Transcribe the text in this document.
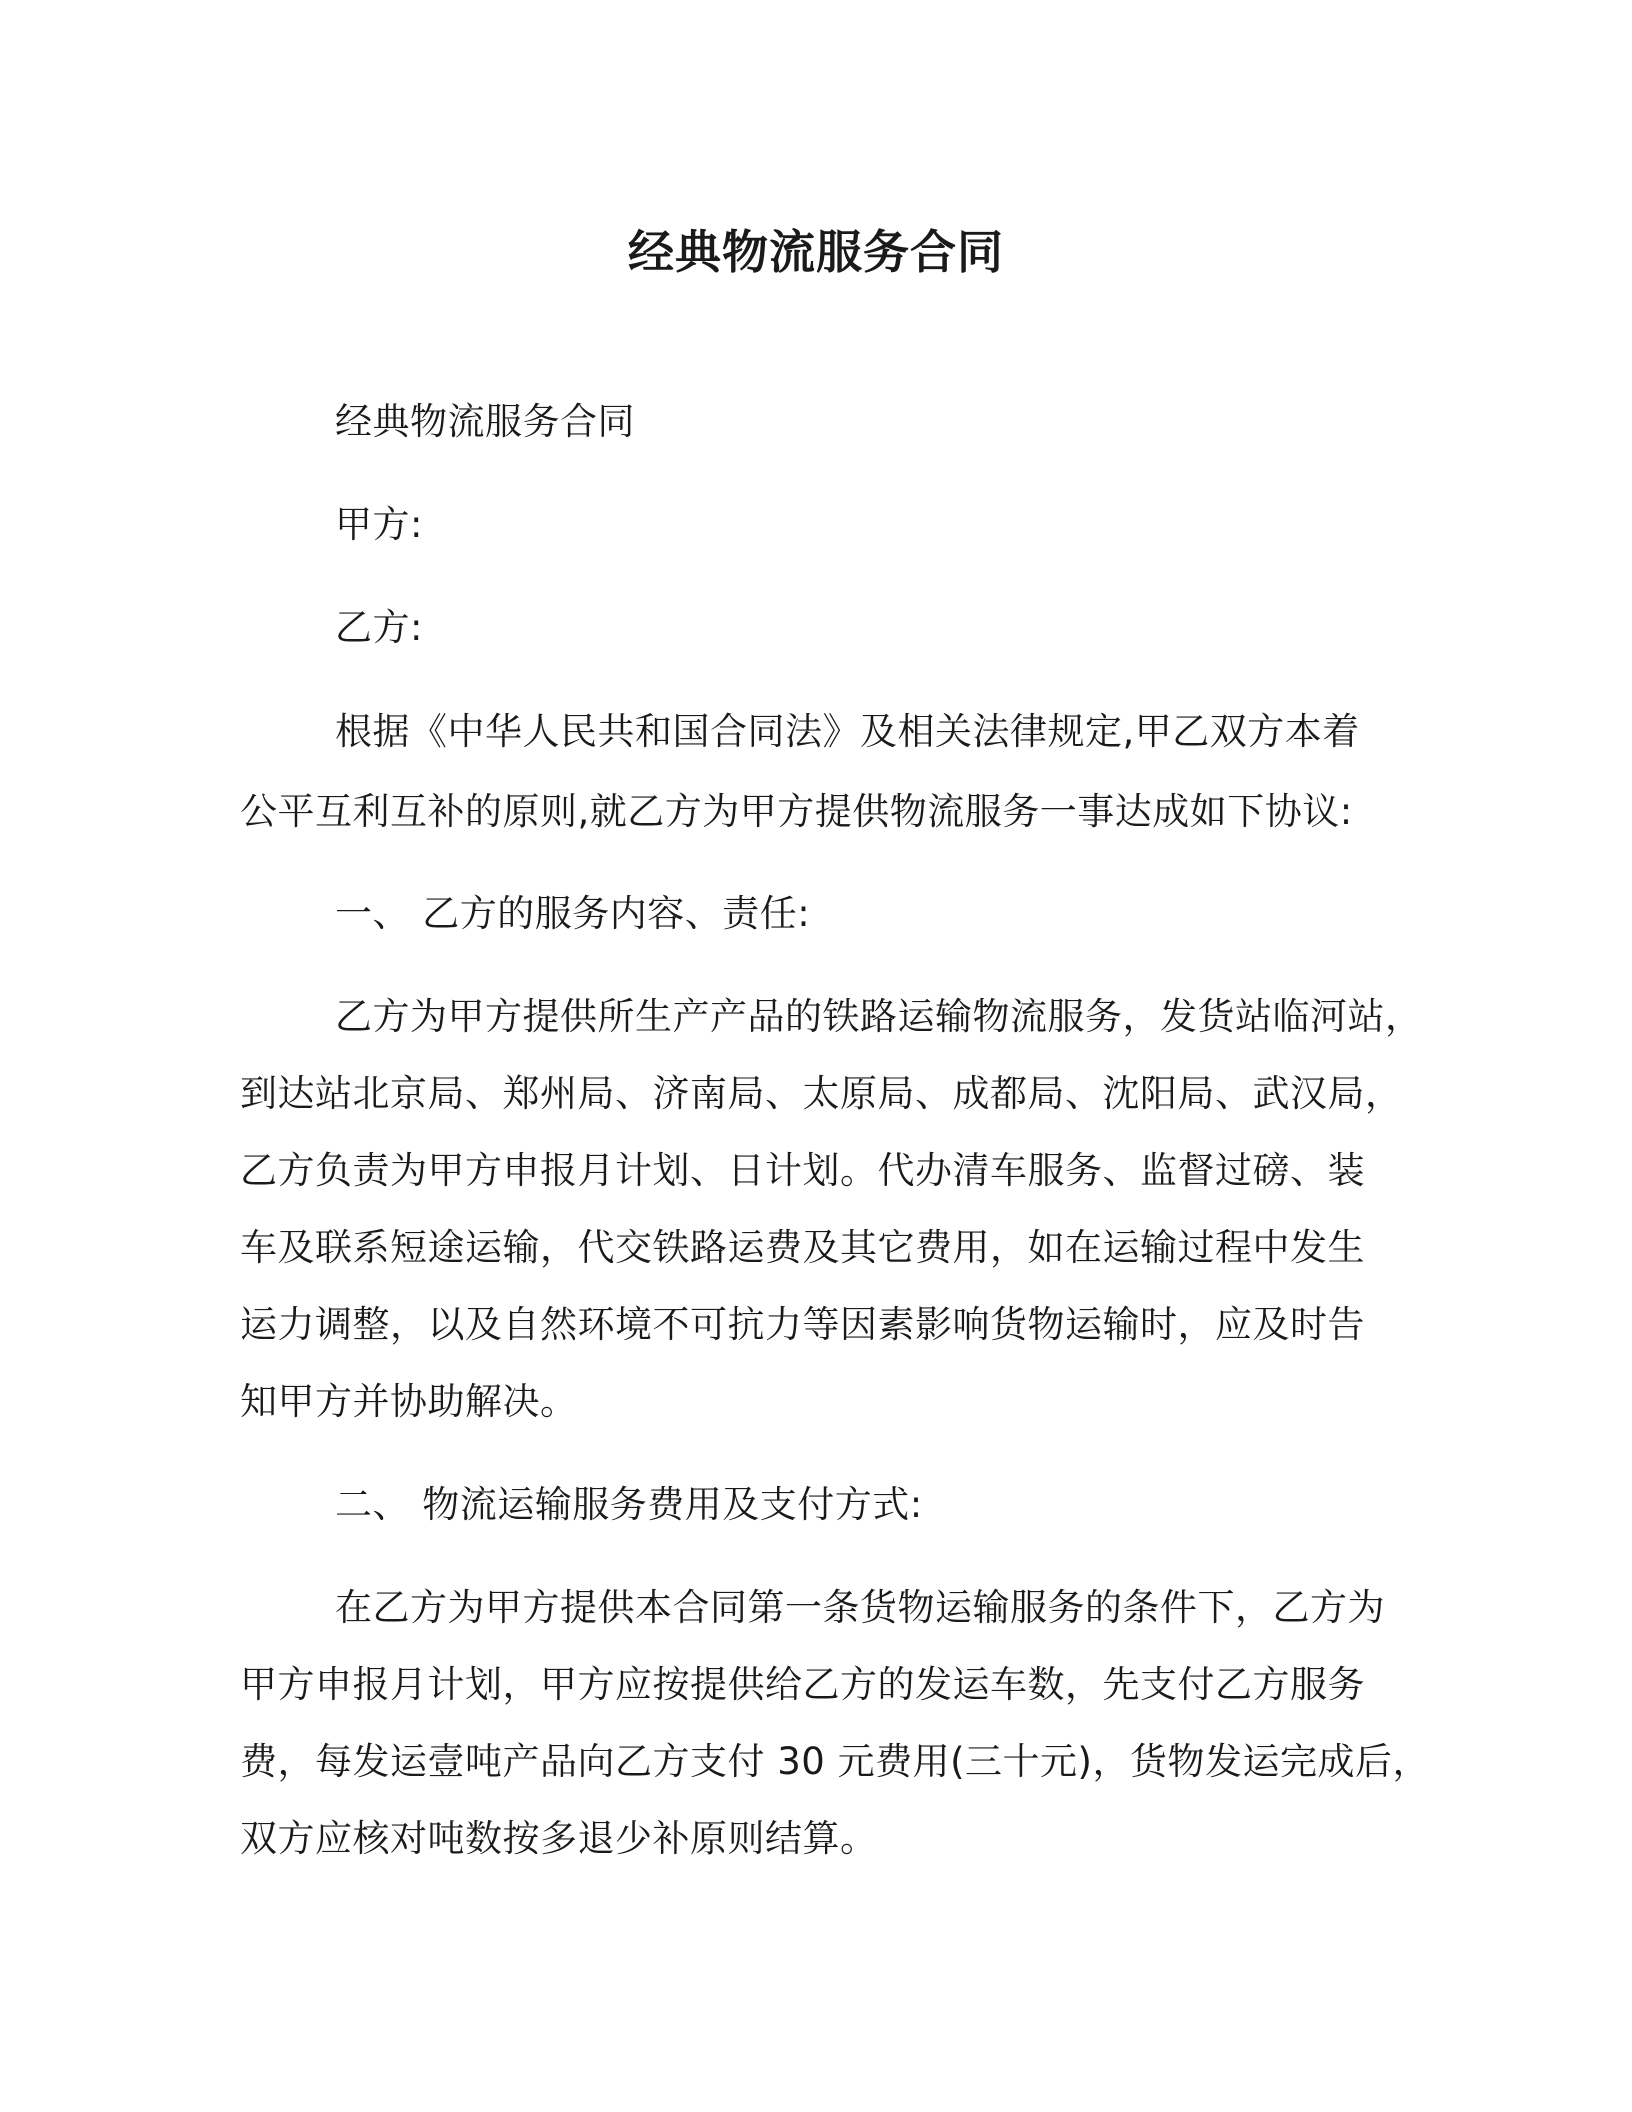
经典物流服务合同
经典物流服务合同
甲方:
乙方:
根据《中华人民共和国合同法》及相关法律规定,甲乙双方本着
公平互利互补的原则,就乙方为甲方提供物流服务一事达成如下协议:
一、 乙方的服务内容、责任:
乙方为甲方提供所生产产品的铁路运输物流服务，发货站临河站，
到达站北京局、郑州局、济南局、太原局、成都局、沈阳局、武汉局，
乙方负责为甲方申报月计划、日计划。代办清车服务、监督过磅、装
车及联系短途运输，代交铁路运费及其它费用，如在运输过程中发生
运力调整，以及自然环境不可抗力等因素影响货物运输时，应及时告
知甲方并协助解决。
二、 物流运输服务费用及支付方式:
在乙方为甲方提供本合同第一条货物运输服务的条件下，乙方为
甲方申报月计划，甲方应按提供给乙方的发运车数，先支付乙方服务
费，每发运壹吨产品向乙方支付 30 元费用(三十元)，货物发运完成后，
双方应核对吨数按多退少补原则结算。
